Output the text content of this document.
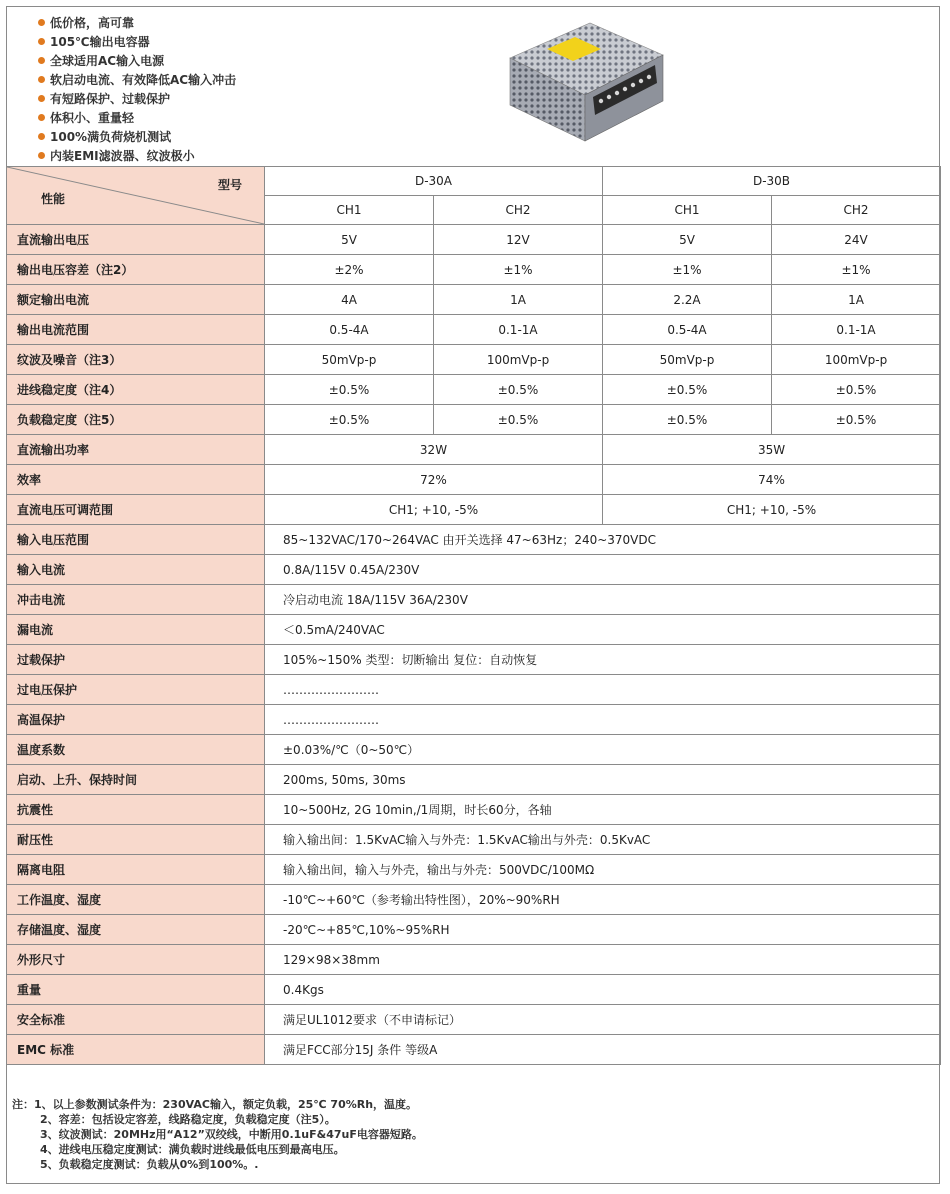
低价格，高可靠
105℃输出电容器
全球适用AC输入电源
软启动电流、有效降低AC输入冲击
有短路保护、过载保护
体积小、重量轻
100%满负荷烧机测试
内装EMI滤波器、纹波极小
型号
性能	D-30A		D-30B	
	CH1	CH2	CH1	CH2
直流输出电压	5V	12V	5V	24V
输出电压容差（注2）	±2%	±1%	±1%	±1%
额定输出电流	4A	1A	2.2A	1A
输出电流范围	0.5-4A	0.1-1A	0.5-4A	0.1-1A
纹波及噪音（注3）	50mVp-p	100mVp-p	50mVp-p	100mVp-p
进线稳定度（注4）	±0.5%	±0.5%	±0.5%	±0.5%
负载稳定度（注5）	±0.5%	±0.5%	±0.5%	±0.5%
直流输出功率	32W		35W	
效率	72%		74%	
直流电压可调范围	CH1; +10, -5%		CH1; +10, -5%	
输入电压范围	85~132VAC/170~264VAC 由开关选择 47~63Hz；240~370VDC			
输入电流	0.8A/115V 0.45A/230V			
冲击电流	冷启动电流 18A/115V 36A/230V			
漏电流	＜0.5mA/240VAC			
过载保护	105%~150% 类型：切断输出 复位：自动恢复			
过电压保护	……………………			
高温保护	……………………			
温度系数	±0.03%/℃（0~50℃）			
启动、上升、保持时间	200ms, 50ms, 30ms			
抗震性	10~500Hz, 2G 10min,/1周期，时长60分，各轴			
耐压性	输入输出间：1.5KvAC输入与外壳：1.5KvAC输出与外壳：0.5KvAC			
隔离电阻	输入输出间，输入与外壳，输出与外壳：500VDC/100MΩ			
工作温度、湿度	-10℃~+60℃（参考输出特性图），20%~90%RH			
存储温度、湿度	-20℃~+85℃,10%~95%RH			
外形尺寸	129×98×38mm			
重量	0.4Kgs			
安全标准	满足UL1012要求（不申请标记）			
EMC 标准	满足FCC部分15J 条件 等级A			
注：1、以上参数测试条件为：230VAC输入，额定负载，25℃ 70%Rh，温度。
2、容差：包括设定容差，线路稳定度，负载稳定度（注5）。
3、纹波测试：20MHz用“A12”双绞线，中断用0.1uF&47uF电容器短路。
4、进线电压稳定度测试：满负载时进线最低电压到最高电压。
5、负载稳定度测试：负载从0%到100%。.
